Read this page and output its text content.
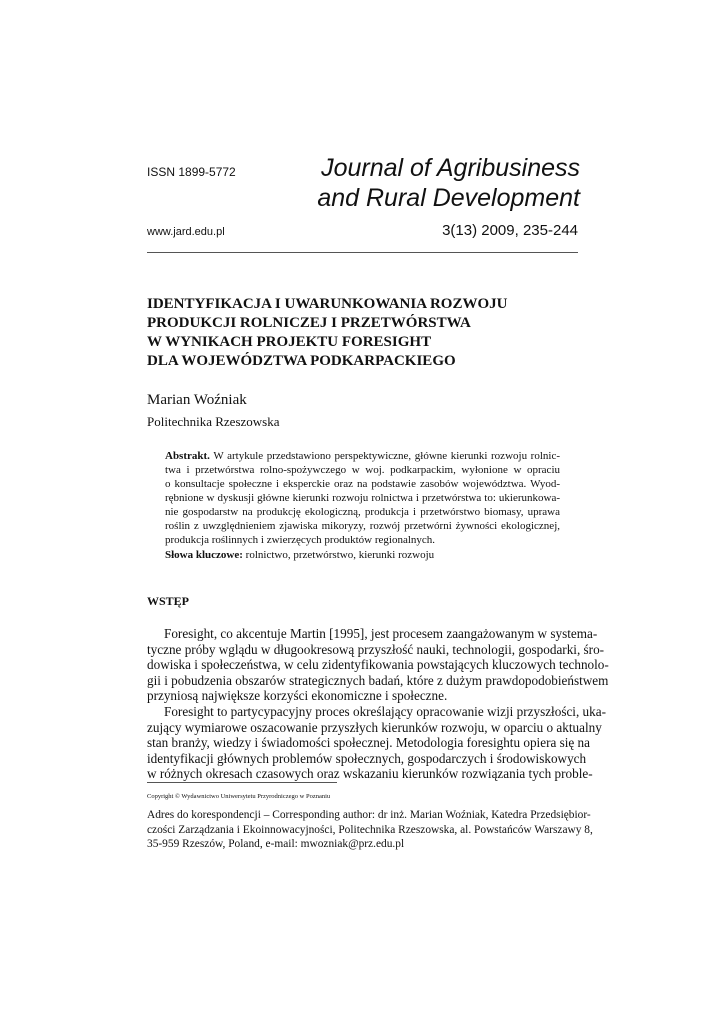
ISSN 1899-5772	Journal of Agribusiness
and Rural Development
www.jard.edu.pl	3(13) 2009, 235-244
IDENTYFIKACJA I UWARUNKOWANIA ROZWOJU
PRODUKCJI ROLNICZEJ I PRZETWÓRSTWA
W WYNIKACH PROJEKTU FORESIGHT
DLA WOJEWÓDZTWA PODKARPACKIEGO
Marian Woźniak
Politechnika Rzeszowska
Abstrakt. W artykule przedstawiono perspektywiczne, główne kierunki rozwoju rolnic-
twa i przetwórstwa rolno-spożywczego w woj. podkarpackim, wyłonione w opraciu
o konsultacje społeczne i eksperckie oraz na podstawie zasobów województwa. Wyod-
rębnione w dyskusji główne kierunki rozwoju rolnictwa i przetwórstwa to: ukierunkowa-
nie gospodarstw na produkcję ekologiczną, produkcja i przetwórstwo biomasy, uprawa
roślin z uwzględnieniem zjawiska mikoryzy, rozwój przetwórni żywności ekologicznej,
produkcja roślinnych i zwierzęcych produktów regionalnych.
Słowa kluczowe: rolnictwo, przetwórstwo, kierunki rozwoju
WSTĘP
Foresight, co akcentuje Martin [1995], jest procesem zaangażowanym w systema-
tyczne próby wglądu w długookresową przyszłość nauki, technologii, gospodarki, śro-
dowiska i społeczeństwa, w celu zidentyfikowania powstających kluczowych technolo-
gii i pobudzenia obszarów strategicznych badań, które z dużym prawdopodobieństwem
przyniosą największe korzyści ekonomiczne i społeczne.
Foresight to partycypacyjny proces określający opracowanie wizji przyszłości, uka-
zujący wymiarowe oszacowanie przyszłych kierunków rozwoju, w oparciu o aktualny
stan branży, wiedzy i świadomości społecznej. Metodologia foresightu opiera się na
identyfikacji głównych problemów społecznych, gospodarczych i środowiskowych
w różnych okresach czasowych oraz wskazaniu kierunków rozwiązania tych proble-
Copyright © Wydawnictwo Uniwersytetu Przyrodniczego w Poznaniu
Adres do korespondencji – Corresponding author: dr inż. Marian Woźniak, Katedra Przedsiębior-
czości Zarządzania i Ekoinnowacyjności, Politechnika Rzeszowska, al. Powstańców Warszawy 8,
35-959 Rzeszów, Poland, e-mail: mwozniak@prz.edu.pl
